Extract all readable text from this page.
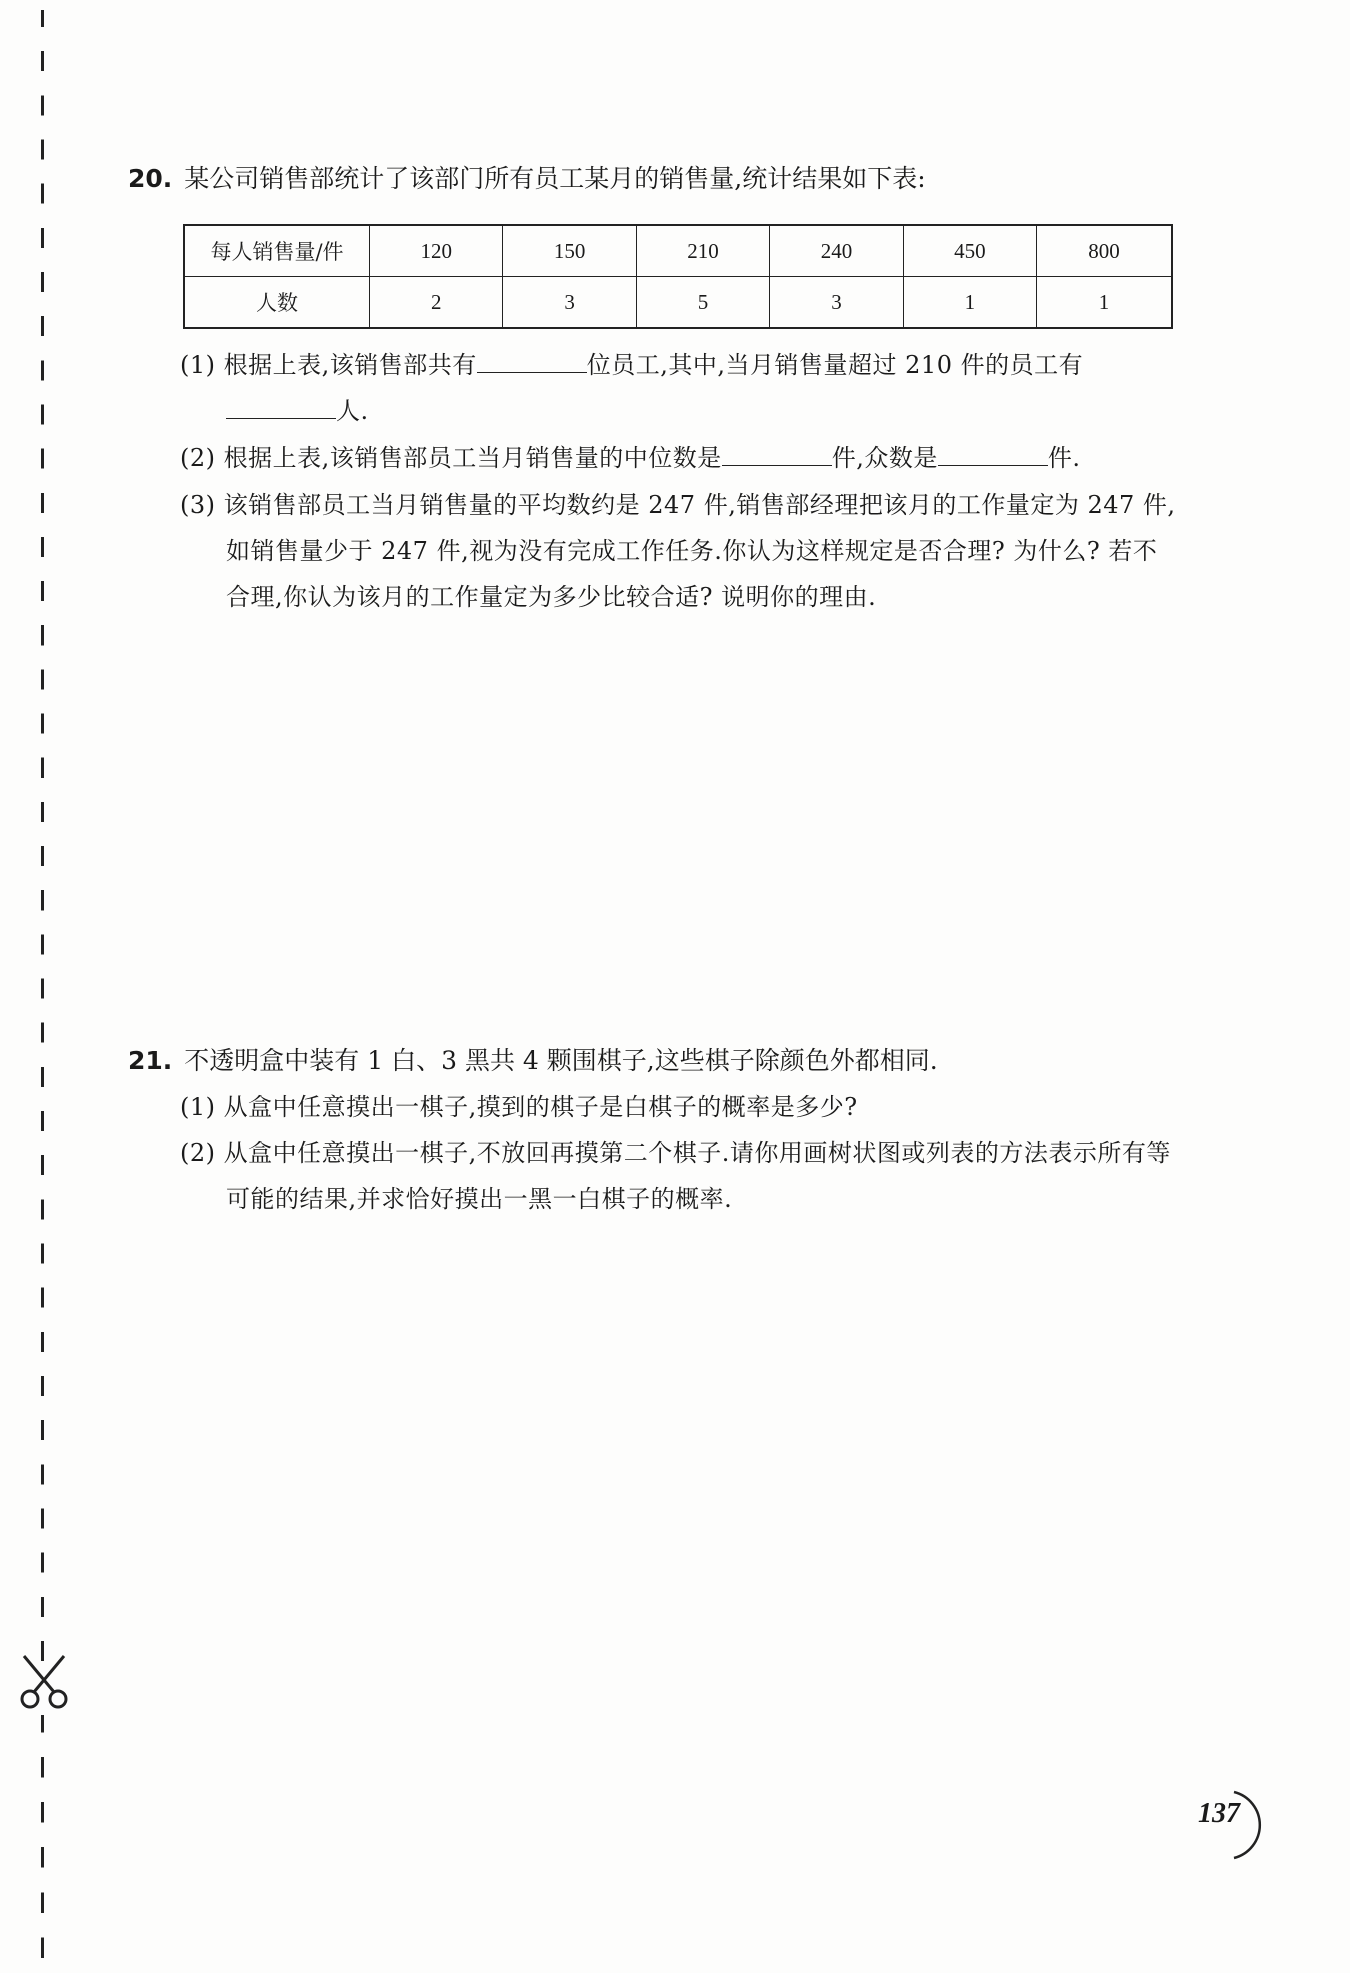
20. 某公司销售部统计了该部门所有员工某月的销售量,统计结果如下表:
每人销售量/件	120	150	210	240	450	800
人数	2	3	5	3	1	1
(1) 根据上表,该销售部共有	位员工,其中,当月销售量超过 210 件的员工有人.
(2) 根据上表,该销售部员工当月销售量的中位数是	件,众数是	件.
(3) 该销售部员工当月销售量的平均数约是 247 件,销售部经理把该月的工作量定为 247 件,如销售量少于 247 件,视为没有完成工作任务.你认为这样规定是否合理? 为什么? 若不合理,你认为该月的工作量定为多少比较合适? 说明你的理由.
21. 不透明盒中装有 1 白、3 黑共 4 颗围棋子,这些棋子除颜色外都相同.
(1) 从盒中任意摸出一棋子,摸到的棋子是白棋子的概率是多少?
(2) 从盒中任意摸出一棋子,不放回再摸第二个棋子.请你用画树状图或列表的方法表示所有等可能的结果,并求恰好摸出一黑一白棋子的概率.
137
